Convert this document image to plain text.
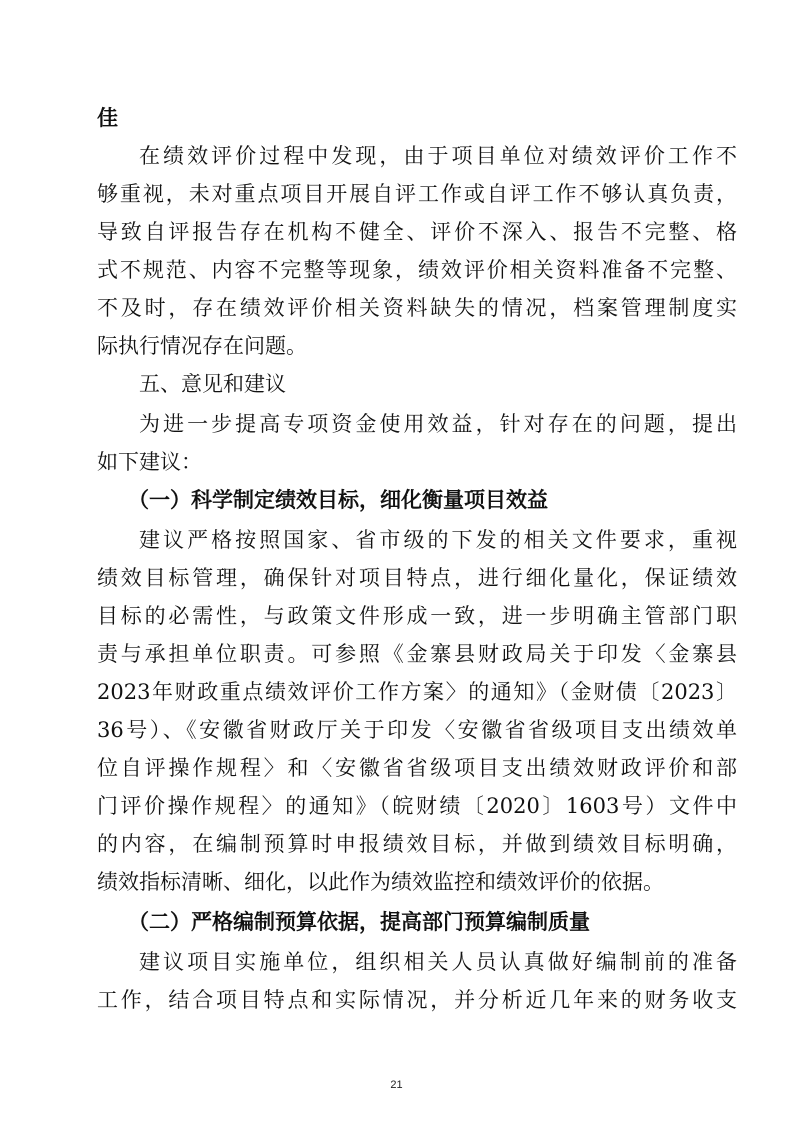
佳
在绩效评价过程中发现，由于项目单位对绩效评价工作不
够重视，未对重点项目开展自评工作或自评工作不够认真负责，
导致自评报告存在机构不健全、评价不深入、报告不完整、格
式不规范、内容不完整等现象，绩效评价相关资料准备不完整、
不及时，存在绩效评价相关资料缺失的情况，档案管理制度实
际执行情况存在问题。
五、意见和建议
为进一步提高专项资金使用效益，针对存在的问题，提出
如下建议：
（一）科学制定绩效目标，细化衡量项目效益
建议严格按照国家、省市级的下发的相关文件要求，重视
绩效目标管理，确保针对项目特点，进行细化量化，保证绩效
目标的必需性，与政策文件形成一致，进一步明确主管部门职
责与承担单位职责。可参照《金寨县财政局关于印发〈金寨县
2023年财政重点绩效评价工作方案〉的通知》（金财债〔2023〕
36号）、《安徽省财政厅关于印发〈安徽省省级项目支出绩效单
位自评操作规程〉和〈安徽省省级项目支出绩效财政评价和部
门评价操作规程〉的通知》（皖财绩〔2020〕1603号）文件中
的内容，在编制预算时申报绩效目标，并做到绩效目标明确，
绩效指标清晰、细化，以此作为绩效监控和绩效评价的依据。
（二）严格编制预算依据，提高部门预算编制质量
建议项目实施单位，组织相关人员认真做好编制前的准备
工作，结合项目特点和实际情况，并分析近几年来的财务收支
21
